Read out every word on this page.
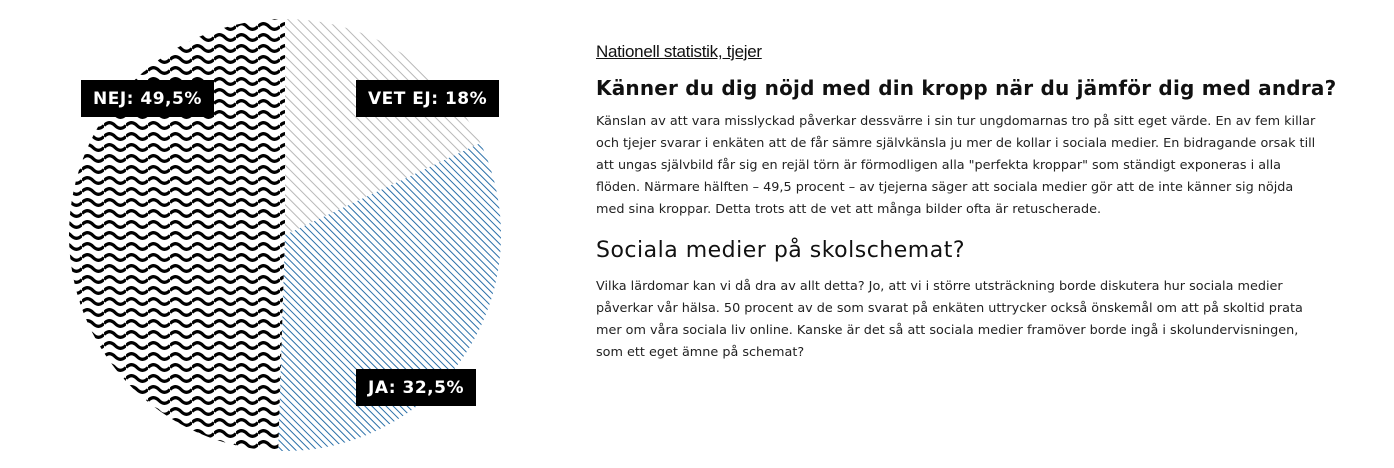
NEJ: 49,5%	VET EJ: 18%
JA: 32,5%
Nationell statistik, tjejer
Känner du dig nöjd med din kropp när du jämför dig med andra?

Känslan av att vara misslyckad påverkar dessvärre i sin tur ungdomarnas tro på sitt eget värde. En av fem killar och tjejer svarar i enkäten att de får sämre självkänsla ju mer de kollar i sociala medier. En bidragande orsak till att ungas självbild får sig en rejäl törn är förmodligen alla "perfekta kroppar" som ständigt exponeras i alla flöden. Närmare hälften – 49,5 procent – av tjejerna säger att sociala medier gör att de inte känner sig nöjda med sina kroppar. Detta trots att de vet att många bilder ofta är retuscherade.

Sociala medier på skolschemat?

Vilka lärdomar kan vi då dra av allt detta? Jo, att vi i större utsträckning borde diskutera hur sociala medier påverkar vår hälsa. 50 procent av de som svarat på enkäten uttrycker också önskemål om att på skoltid prata mer om våra sociala liv online. Kanske är det så att sociala medier framöver borde ingå i skolundervisningen, som ett eget ämne på schemat?
